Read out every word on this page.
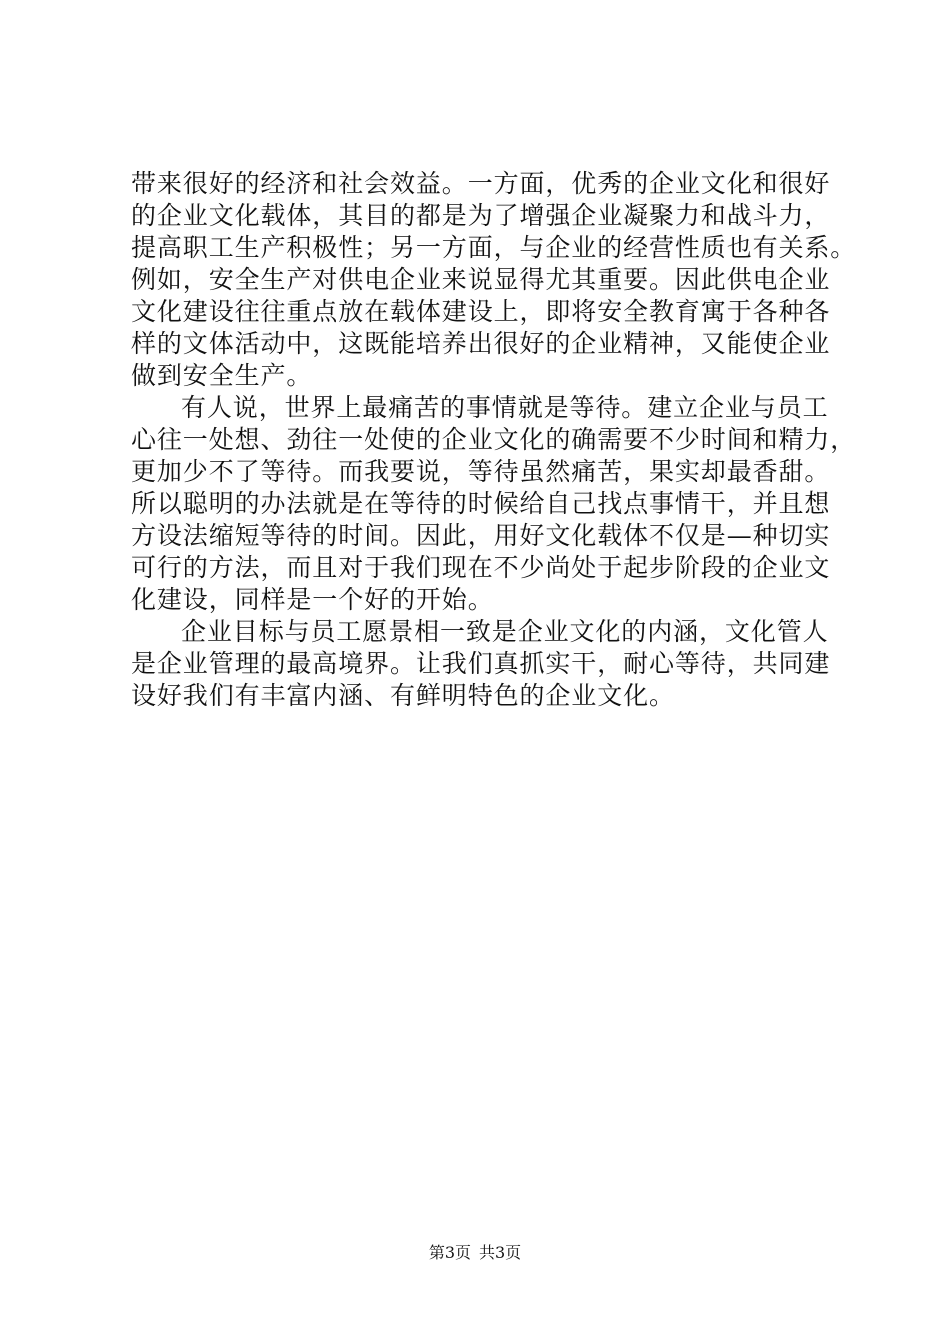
带来很好的经济和社会效益。一方面，优秀的企业文化和很好
的企业文化载体，其目的都是为了增强企业凝聚力和战斗力，
提高职工生产积极性；另一方面，与企业的经营性质也有关系。
例如，安全生产对供电企业来说显得尤其重要。因此供电企业
文化建设往往重点放在载体建设上，即将安全教育寓于各种各
样的文体活动中，这既能培养出很好的企业精神，又能使企业
做到安全生产。
有人说，世界上最痛苦的事情就是等待。建立企业与员工
心往一处想、劲往一处使的企业文化的确需要不少时间和精力，
更加少不了等待。而我要说，等待虽然痛苦，果实却最香甜。
所以聪明的办法就是在等待的时候给自己找点事情干，并且想
方设法缩短等待的时间。因此，用好文化载体不仅是—种切实
可行的方法，而且对于我们现在不少尚处于起步阶段的企业文
化建设，同样是一个好的开始。
企业目标与员工愿景相一致是企业文化的内涵，文化管人
是企业管理的最高境界。让我们真抓实干，耐心等待，共同建
设好我们有丰富内涵、有鲜明特色的企业文化。
第3页 共3页
